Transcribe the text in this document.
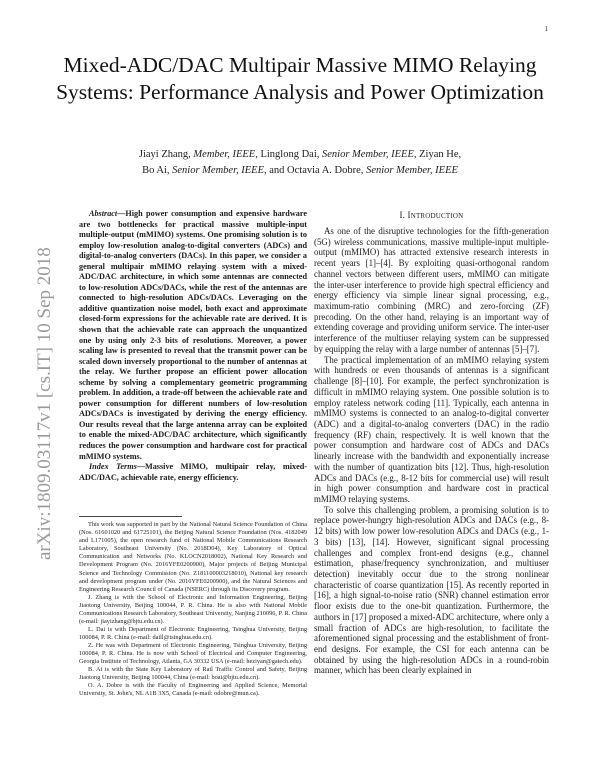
1
Mixed-ADC/DAC Multipair Massive MIMO Relaying Systems: Performance Analysis and Power Optimization
Jiayi Zhang, Member, IEEE, Linglong Dai, Senior Member, IEEE, Ziyan He,
Bo Ai, Senior Member, IEEE, and Octavia A. Dobre, Senior Member, IEEE
arXiv:1809.03117v1 [cs.IT] 10 Sep 2018

Abstract—High power consumption and expensive hardware are two bottlenecks for practical massive multiple-input multiple-output (mMIMO) systems. One promising solution is to employ low-resolution analog-to-digital converters (ADCs) and digital-to-analog converters (DACs). In this paper, we consider a general multipair mMIMO relaying system with a mixed-ADC/DAC architecture, in which some antennas are connected to low-resolution ADCs/DACs, while the rest of the antennas are connected to high-resolution ADCs/DACs. Leveraging on the additive quantization noise model, both exact and approximate closed-form expressions for the achievable rate are derived. It is shown that the achievable rate can approach the unquantized one by using only 2-3 bits of resolutions. Moreover, a power scaling law is presented to reveal that the transmit power can be scaled down inversely proportional to the number of antennas at the relay. We further propose an efficient power allocation scheme by solving a complementary geometric programming problem. In addition, a trade-off between the achievable rate and power consumption for different numbers of low-resolution ADCs/DACs is investigated by deriving the energy efficiency. Our results reveal that the large antenna array can be exploited to enable the mixed-ADC/DAC architecture, which significantly reduces the power consumption and hardware cost for practical mMIMO systems.

Index Terms—Massive MIMO, multipair relay, mixed-ADC/DAC, achievable rate, energy efficiency.

This work was supported in part by the National Natural Science Foundation of China (Nos. 61601020 and 61725101), the Beijing Natural Science Foundation (Nos. 4182049 and L171005), the open research fund of National Mobile Communications Research Laboratory, Southeast University (No. 2018D04), Key Laboratory of Optical Communication and Networks (No. KLOCN2018002), National Key Research and Development Program (No. 2016YFE0200900), Major projects of Beijing Municipal Science and Technology Commission (No. Z181100003218010), National key research and development program under (No. 2016YFE0200900), and the Natural Sciences and Engineering Research Council of Canada (NSERC) through its Discovery program.

J. Zhang is with the School of Electronic and Information Engineering, Beijing Jiaotong University, Beijing 100044, P. R. China. He is also with National Mobile Communications Research Laboratory, Southeast University, Nanjing 210096, P. R. China (e-mail: jiayizhang@bjtu.edu.cn).

L. Dai is with Department of Electronic Engineering, Tsinghua University, Beijing 100084, P. R. China (e-mail: daill@tsinghua.edu.cn).

Z. He was with Department of Electronic Engineering, Tsinghua University, Beijing 100084, P. R. China. He is now with School of Electrical and Computer Engineering, Georgia Institute of Technology, Atlanta, GA 30332 USA (e-mail: heziyan@gatech.edu).

B. Ai is with the State Key Laboratory of Rail Traffic Control and Safety, Beijing Jiaotong University, Beijing 100044, China (e-mail: boai@bjtu.edu.cn).

O. A. Dobre is with the Faculty of Engineering and Applied Science, Memorial University, St. John's, NL A1B 3X5, Canada (e-mail: odobre@mun.ca).

I. INTRODUCTION

As one of the disruptive technologies for the fifth-generation (5G) wireless communications, massive multiple-input multiple-output (mMIMO) has attracted extensive research interests in recent years [1]–[4]. By exploiting quasi-orthogonal random channel vectors between different users, mMIMO can mitigate the inter-user interference to provide high spectral efficiency and energy efficiency via simple linear signal processing, e.g., maximum-ratio combining (MRC) and zero-forcing (ZF) precoding. On the other hand, relaying is an important way of extending coverage and providing uniform service. The inter-user interference of the multiuser relaying system can be suppressed by equipping the relay with a large number of antennas [5]–[7].

The practical implementation of an mMIMO relaying system with hundreds or even thousands of antennas is a significant challenge [8]–[10]. For example, the perfect synchronization is difficult in mMIMO relaying system. One possible solution is to employ rateless network coding [11]. Typically, each antenna in mMIMO systems is connected to an analog-to-digital converter (ADC) and a digital-to-analog converters (DAC) in the radio frequency (RF) chain, respectively. It is well known that the power consumption and hardware cost of ADCs and DACs linearly increase with the bandwidth and exponentially increase with the number of quantization bits [12]. Thus, high-resolution ADCs and DACs (e.g., 8-12 bits for commercial use) will result in high power consumption and hardware cost in practical mMIMO relaying systems.

To solve this challenging problem, a promising solution is to replace power-hungry high-resolution ADCs and DACs (e.g., 8-12 bits) with low power low-resolution ADCs and DACs (e.g., 1-3 bits) [13], [14]. However, significant signal processing challenges and complex front-end designs (e.g., channel estimation, phase/frequency synchronization, and multiuser detection) inevitably occur due to the strong nonlinear characteristic of coarse quantization [15]. As recently reported in [16], a high signal-to-noise ratio (SNR) channel estimation error floor exists due to the one-bit quantization. Furthermore, the authors in [17] proposed a mixed-ADC architecture, where only a small fraction of ADCs are high-resolution, to facilitate the aforementioned signal processing and the establishment of front-end designs. For example, the CSI for each antenna can be obtained by using the high-resolution ADCs in a round-robin manner, which has been clearly explained in
